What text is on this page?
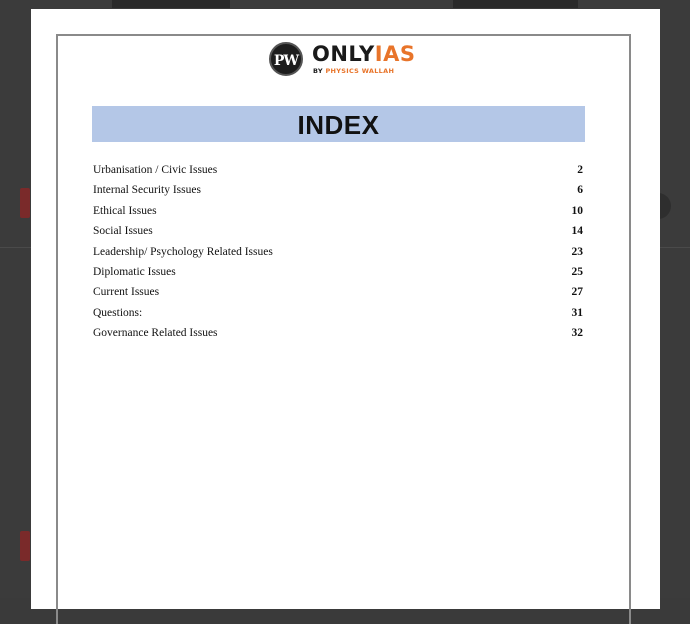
PW ONLYIAS
BY PHYSICS WALLAH
INDEX
Urbanisation / Civic Issues	2
Internal Security Issues	6
Ethical Issues	10
Social Issues	14
Leadership/ Psychology Related Issues	23
Diplomatic Issues	25
Current Issues	27
Questions:	31
Governance Related Issues	32
